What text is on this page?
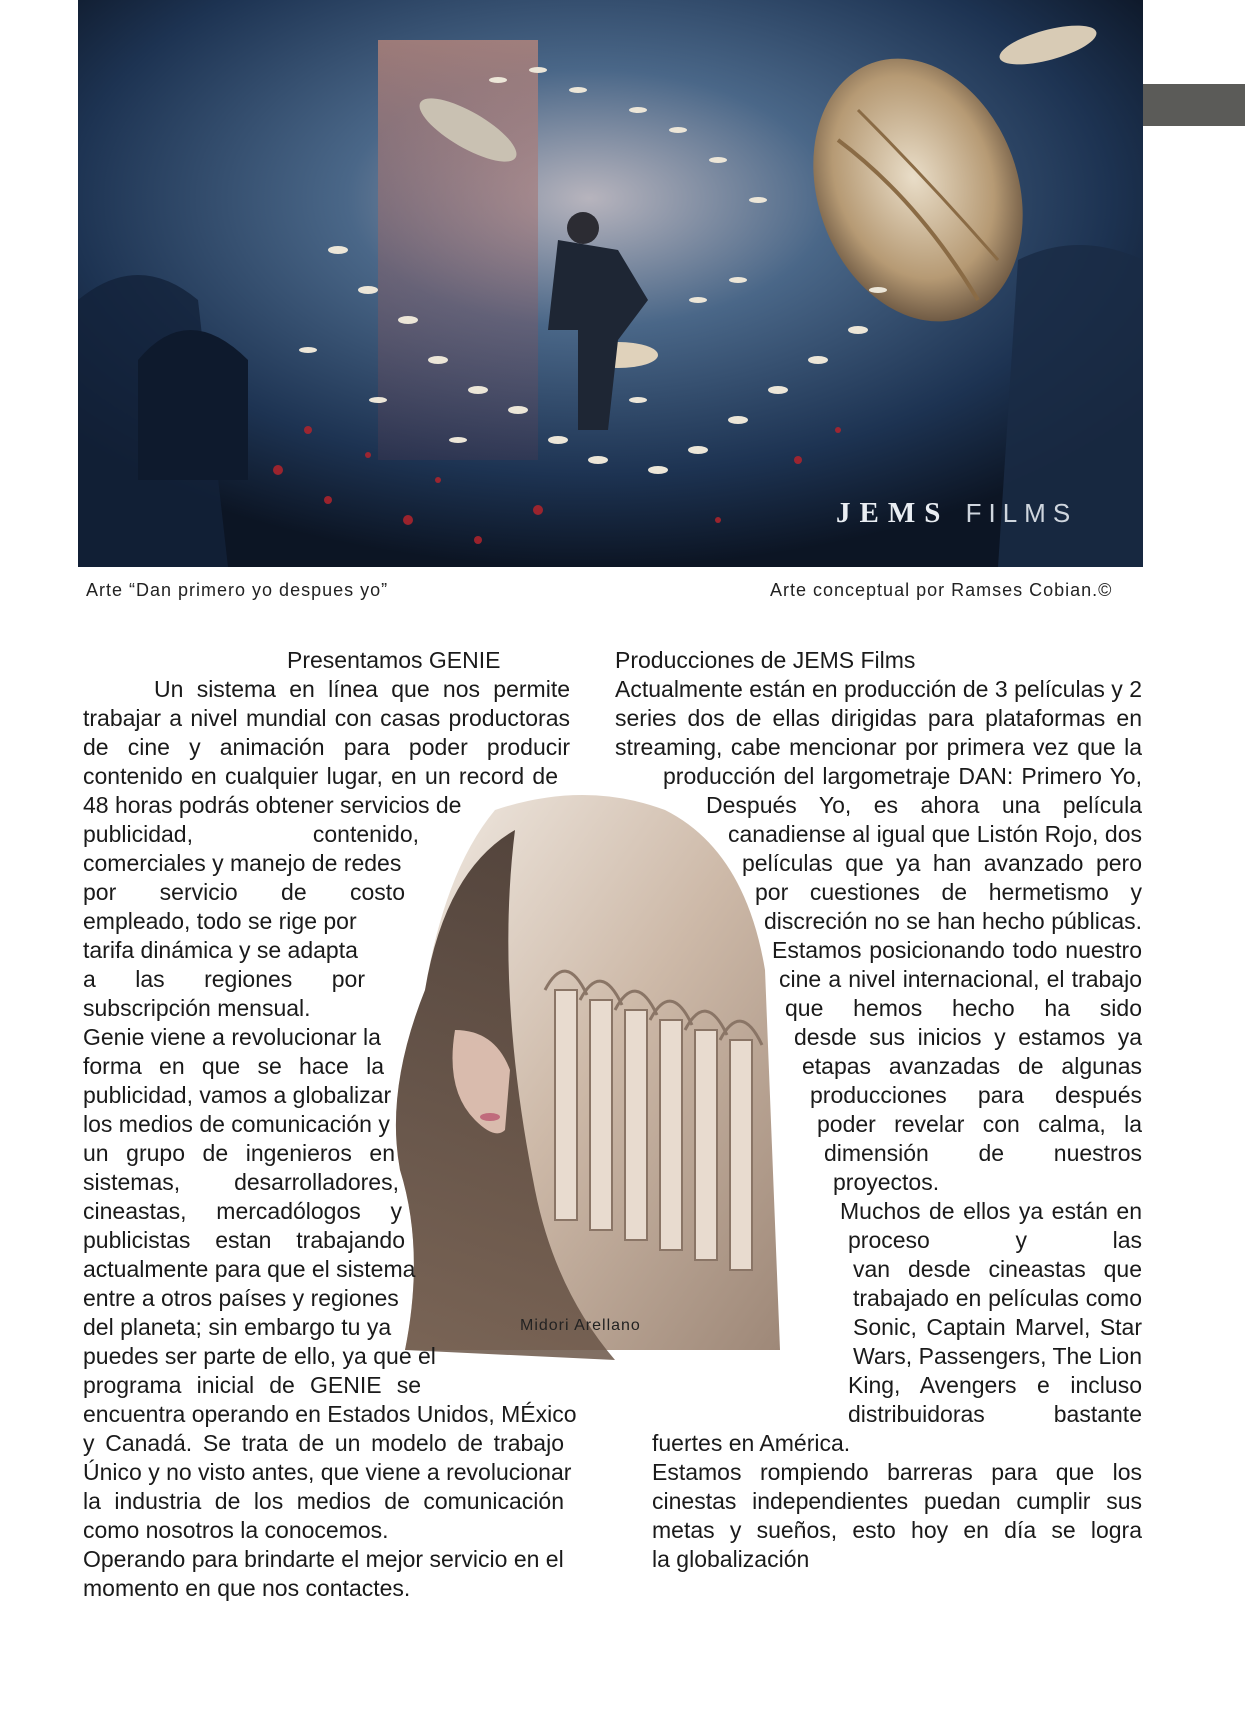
JEMS FILMS
Arte “Dan primero yo despues yo”	Arte conceptual por Ramses Cobian.©
Midori Arellano
Presentamos GENIE
Un sistema en línea que nos permite
trabajar a nivel mundial con casas productoras
de cine y animación para poder producir
contenido en cualquier lugar, en un record de
48 horas podrás obtener servicios de
publicidad, contenido,
comerciales y manejo de redes
por servicio de costo
empleado, todo se rige por
tarifa dinámica y se adapta
a las regiones por
subscripción mensual.
Genie viene a revolucionar la
forma en que se hace la
publicidad, vamos a globalizar
los medios de comunicación y
un grupo de ingenieros en
sistemas, desarrolladores,
cineastas, mercadólogos y
publicistas estan trabajando
actualmente para que el sistema
entre a otros países y regiones
del planeta; sin embargo tu ya
puedes ser parte de ello, ya que el
programa inicial de GENIE se
encuentra operando en Estados Unidos, MÉxico
y Canadá. Se trata de un modelo de trabajo
Único y no visto antes, que viene a revolucionar
la industria de los medios de comunicación
como nosotros la conocemos.
Operando para brindarte el mejor servicio en el
momento en que nos contactes.
Producciones de JEMS Films
Actualmente están en producción de 3 películas y 2
series dos de ellas dirigidas para plataformas en
streaming, cabe mencionar por primera vez que la
producción del largometraje DAN: Primero Yo,
Después Yo, es ahora una película
canadiense al igual que Listón Rojo, dos
películas que ya han avanzado pero
por cuestiones de hermetismo y
discreción no se han hecho públicas.
Estamos posicionando todo nuestro
cine a nivel internacional, el trabajo
que hemos hecho ha sido
desde sus inicios y estamos ya
etapas avanzadas de algunas
producciones para después
poder revelar con calma, la
dimensión de nuestros
proyectos.
Muchos de ellos ya están en
proceso y las
van desde cineastas que
trabajado en películas como
Sonic, Captain Marvel, Star
Wars, Passengers, The Lion
King, Avengers e incluso
distribuidoras bastante
fuertes en América.
Estamos rompiendo barreras para que los
cinestas independientes puedan cumplir sus
metas y sueños, esto hoy en día se logra
la globalización
